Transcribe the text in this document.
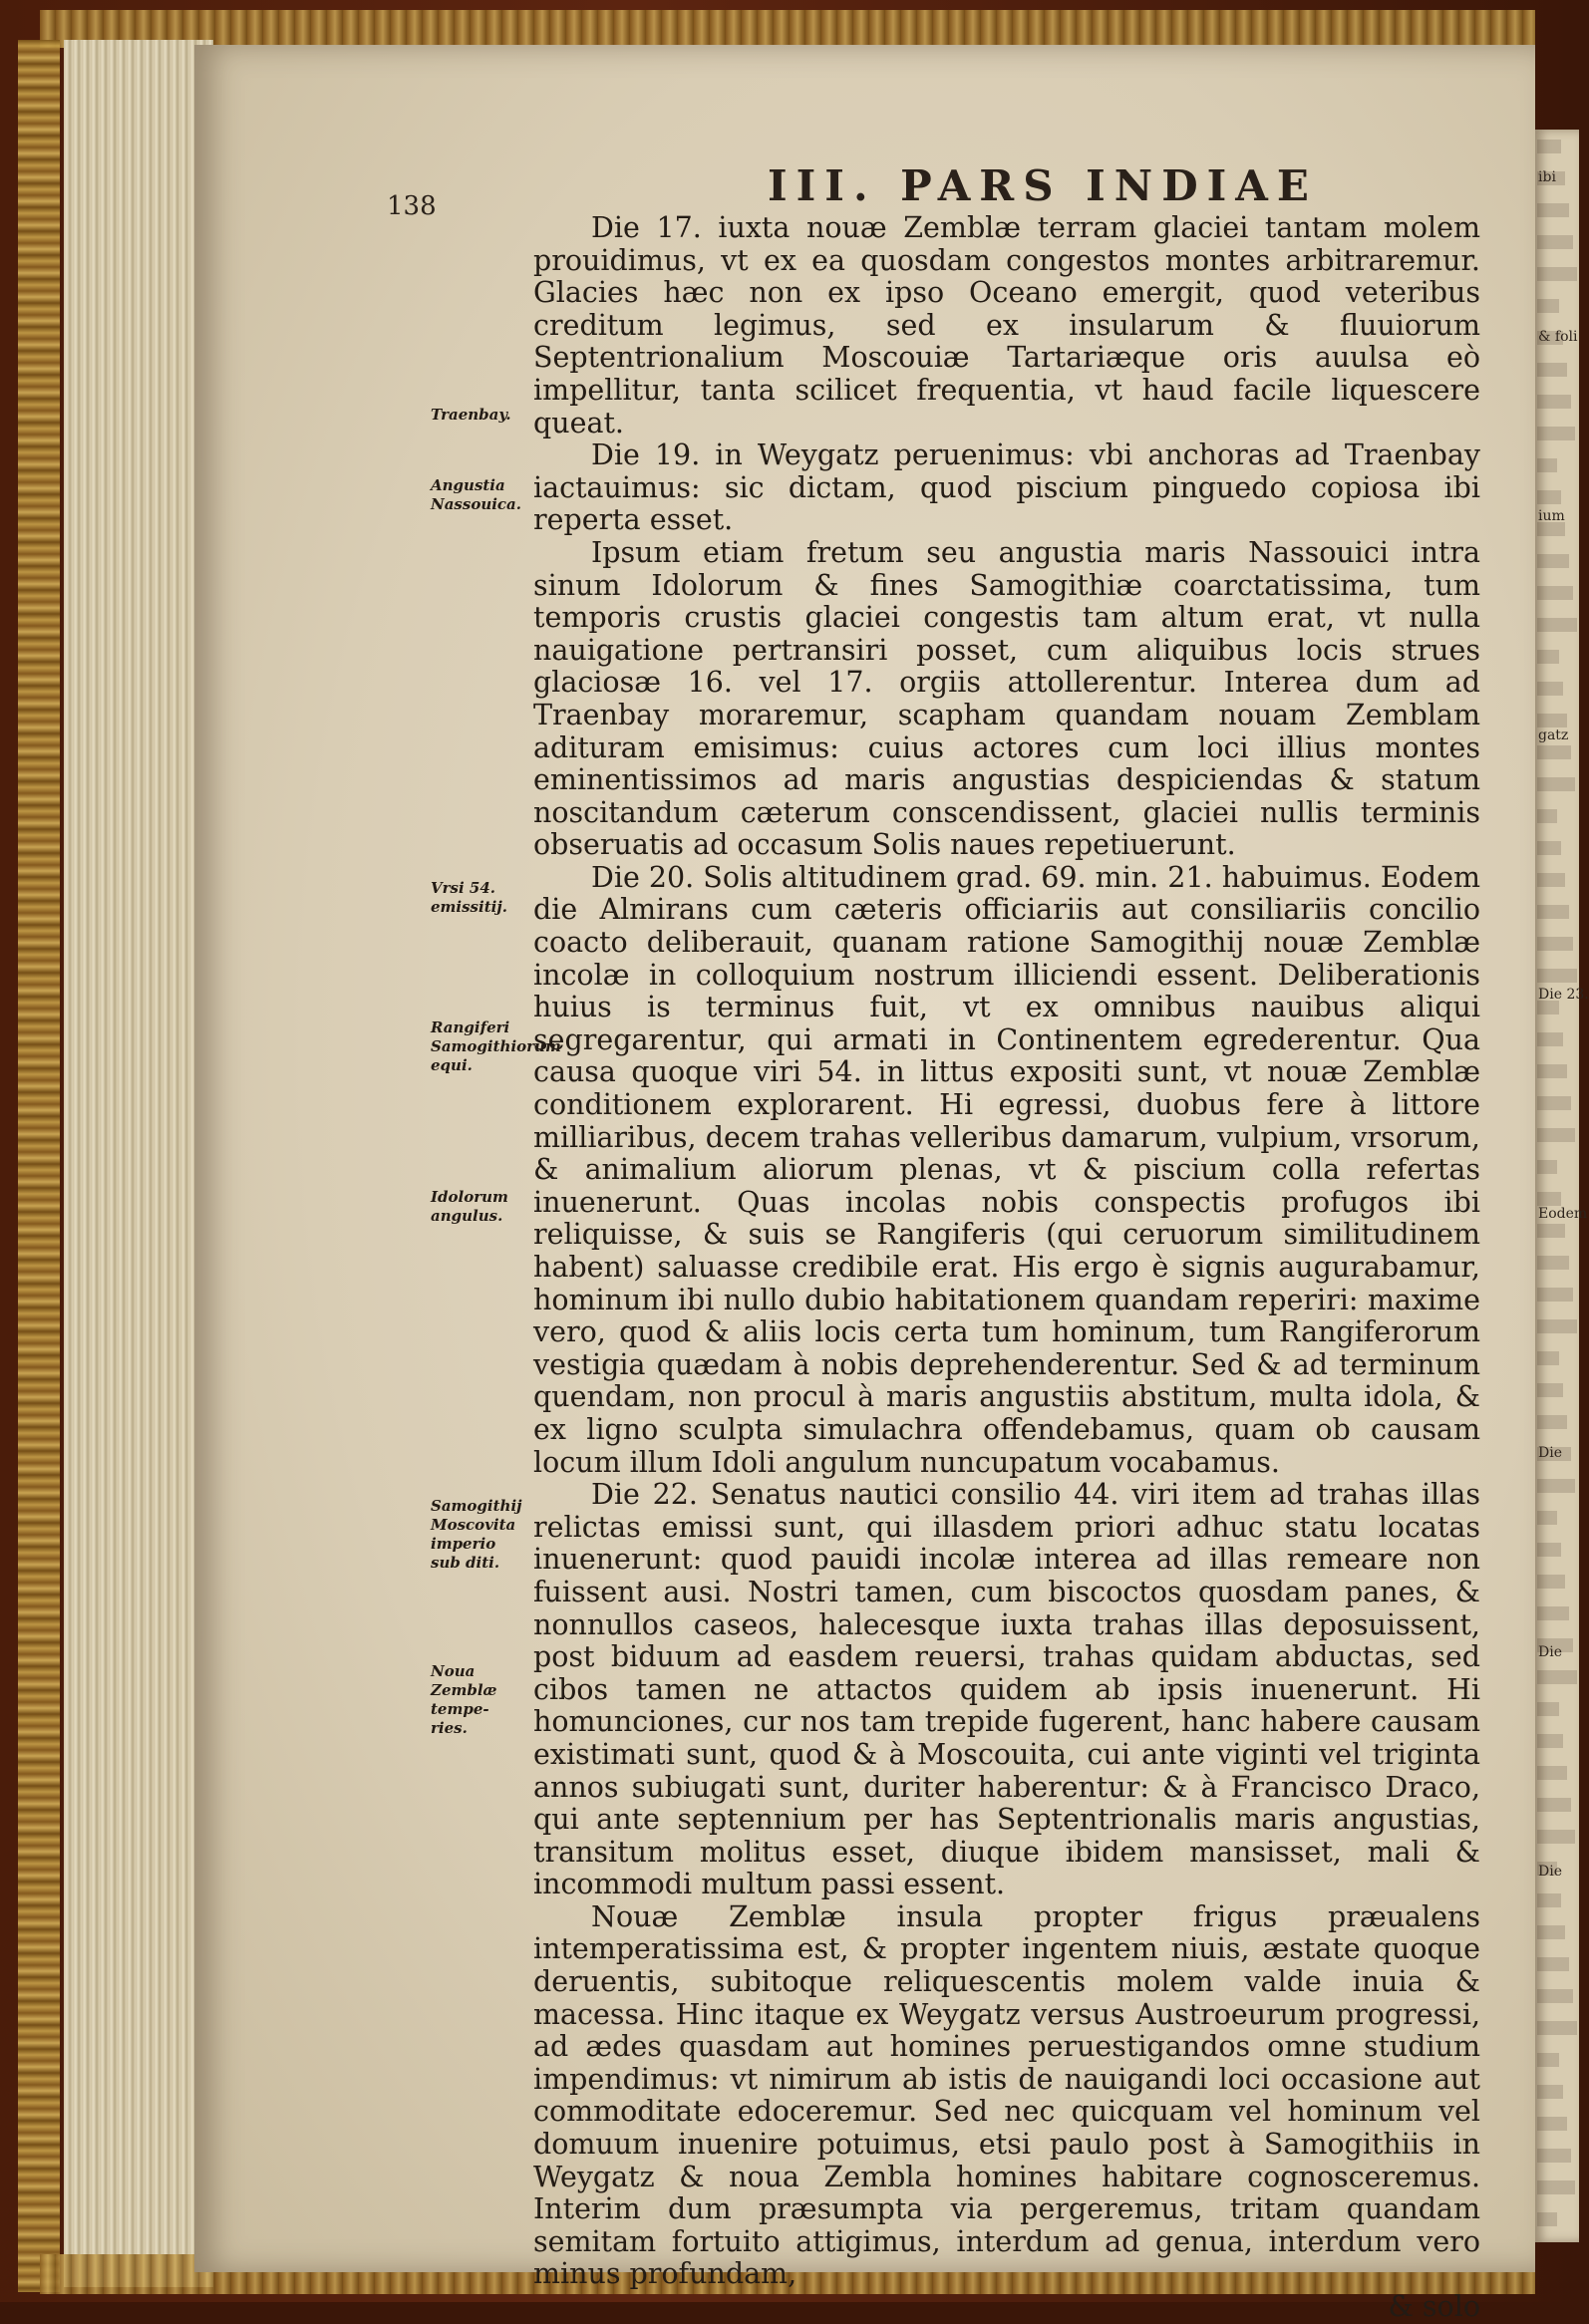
ibi
& foli
ium
gatz
Die 23.
Eodem
Die
Die
Die
138	III. PARS INDIAE

Die 17. iuxta nouæ Zemblæ terram glaciei tantam molem prouidimus, vt ex ea quosdam congestos montes arbitraremur. Glacies hæc non ex ipso Oceano emergit, quod veteribus creditum legimus, sed ex insularum & fluuiorum Septentrionalium Moscouiæ Tartariæque oris auulsa eò impellitur, tanta scilicet frequentia, vt haud facile liquescere queat.

Die 19. in Weygatz peruenimus: vbi anchoras ad Traenbay iactauimus: sic dictam, quod piscium pinguedo copiosa ibi reperta esset.

Ipsum etiam fretum seu angustia maris Nassouici intra sinum Idolorum & fines Samogithiæ coarctatissima, tum temporis crustis glaciei congestis tam altum erat, vt nulla nauigatione pertransiri posset, cum aliquibus locis strues glaciosæ 16. vel 17. orgiis attollerentur. Interea dum ad Traenbay moraremur, scapham quandam nouam Zemblam adituram emisimus: cuius actores cum loci illius montes eminentissimos ad maris angustias despiciendas & statum noscitandum cæterum conscendissent, glaciei nullis terminis obseruatis ad occasum Solis naues repetiuerunt.

Die 20. Solis altitudinem grad. 69. min. 21. habuimus. Eodem die Almirans cum cæteris officiariis aut consiliariis concilio coacto deliberauit, quanam ratione Samogithij nouæ Zemblæ incolæ in colloquium nostrum illiciendi essent. Deliberationis huius is terminus fuit, vt ex omnibus nauibus aliqui segregarentur, qui armati in Continentem egrederentur. Qua causa quoque viri 54. in littus expositi sunt, vt nouæ Zemblæ conditionem explorarent. Hi egressi, duobus fere à littore milliaribus, decem trahas velleribus damarum, vulpium, vrsorum, & animalium aliorum plenas, vt & piscium colla refertas inuenerunt. Quas incolas nobis conspectis profugos ibi reliquisse, & suis se Rangiferis (qui ceruorum similitudinem habent) saluasse credibile erat. His ergo è signis augurabamur, hominum ibi nullo dubio habitationem quandam reperiri: maxime vero, quod & aliis locis certa tum hominum, tum Rangiferorum vestigia quædam à nobis deprehenderentur. Sed & ad terminum quendam, non procul à maris angustiis abstitum, multa idola, & ex ligno sculpta simulachra offendebamus, quam ob causam locum illum Idoli angulum nuncupatum vocabamus.

Die 22. Senatus nautici consilio 44. viri item ad trahas illas relictas emissi sunt, qui illasdem priori adhuc statu locatas inuenerunt: quod pauidi incolæ interea ad illas remeare non fuissent ausi. Nostri tamen, cum biscoctos quosdam panes, & nonnullos caseos, halecesque iuxta trahas illas deposuissent, post biduum ad easdem reuersi, trahas quidam abductas, sed cibos tamen ne attactos quidem ab ipsis inuenerunt. Hi homunciones, cur nos tam trepide fugerent, hanc habere causam existimati sunt, quod & à Moscouita, cui ante viginti vel triginta annos subiugati sunt, duriter haberentur: & à Francisco Draco, qui ante septennium per has Septentrionalis maris angustias, transitum molitus esset, diuque ibidem mansisset, mali & incommodi multum passi essent.

Nouæ Zemblæ insula propter frigus præualens intemperatissima est, & propter ingentem niuis, æstate quoque deruentis, subitoque reliquescentis molem valde inuia & macessa. Hinc itaque ex Weygatz versus Austroeurum progressi, ad ædes quasdam aut homines peruestigandos omne studium impendimus: vt nimirum ab istis de nauigandi loci occasione aut commoditate edoceremur. Sed nec quicquam vel hominum vel domuum inuenire potuimus, etsi paulo post à Samogithiis in Weygatz & noua Zembla homines habitare cognosceremus. Interim dum præsumpta via pergeremus, tritam quandam semitam fortuito attigimus, interdum ad genua, interdum vero minus profundam,

& solo

Traenbay.
Angustia Nassouica.
Vrsi 54. emissitij.
Rangiferi Samogithiorum equi.
Idolorum angulus.
Samogithij Moscovita imperio sub diti.
Noua Zemblæ tempe- ries.
